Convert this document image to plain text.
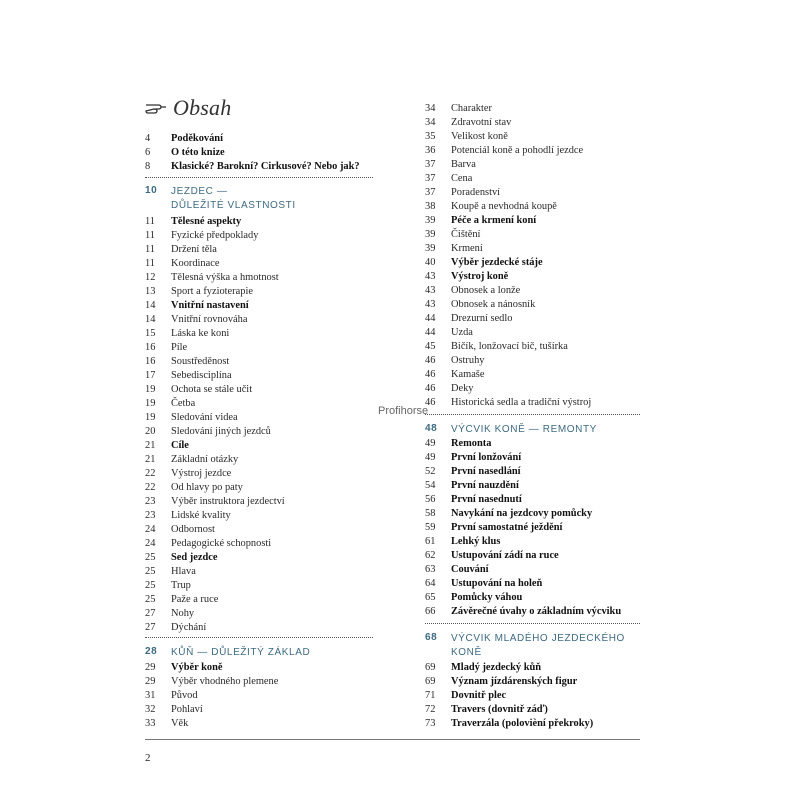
Obsah
4	Poděkování
6	O této knize
8	Klasické? Barokní? Cirkusové? Nebo jak?
10	JEZDEC —
DŮLEŽITÉ VLASTNOSTI
11	Tělesné aspekty
11	Fyzické předpoklady
11	Držení těla
11	Koordinace
12	Tělesná výška a hmotnost
13	Sport a fyzioterapie
14	Vnitřní nastavení
14	Vnitřní rovnováha
15	Láska ke koni
16	Píle
16	Soustředěnost
17	Sebedisciplína
19	Ochota se stále učit
19	Četba
19	Sledování videa
20	Sledování jiných jezdců
21	Cíle
21	Základní otázky
22	Výstroj jezdce
22	Od hlavy po paty
23	Výběr instruktora jezdectví
23	Lidské kvality
24	Odbornost
24	Pedagogické schopnosti
25	Sed jezdce
25	Hlava
25	Trup
25	Paže a ruce
27	Nohy
27	Dýchání
28	KŮŇ — DŮLEŽITÝ ZÁKLAD
29	Výběr koně
29	Výběr vhodného plemene
31	Původ
32	Pohlaví
33	Věk
34	Charakter
34	Zdravotní stav
35	Velikost koně
36	Potenciál koně a pohodlí jezdce
37	Barva
37	Cena
37	Poradenství
38	Koupě a nevhodná koupě
39	Péče a krmení koní
39	Čištění
39	Krmení
40	Výběr jezdecké stáje
43	Výstroj koně
43	Obnosek a lonže
43	Obnosek a nánosník
44	Drezurní sedlo
44	Uzda
45	Bičík, lonžovací bič, tušírka
46	Ostruhy
46	Kamaše
46	Deky
46	Historická sedla a tradiční výstroj
48	VÝCVIK KONĚ — REMONTY
49	Remonta
49	První lonžování
52	První nasedlání
54	První nauzdění
56	První nasednutí
58	Navykání na jezdcovy pomůcky
59	První samostatné ježdění
61	Lehký klus
62	Ustupování zádí na ruce
63	Couvání
64	Ustupování na holeň
65	Pomůcky váhou
66	Závěrečné úvahy o základním výcviku
68	VÝCVIK MLADÉHO JEZDECKÉHO
KONĚ
69	Mladý jezdecký kůň
69	Význam jízdárenských figur
71	Dovnitř plec
72	Travers (dovnitř záď)
73	Traverzála (polovièní překroky)
Profihorse
2
